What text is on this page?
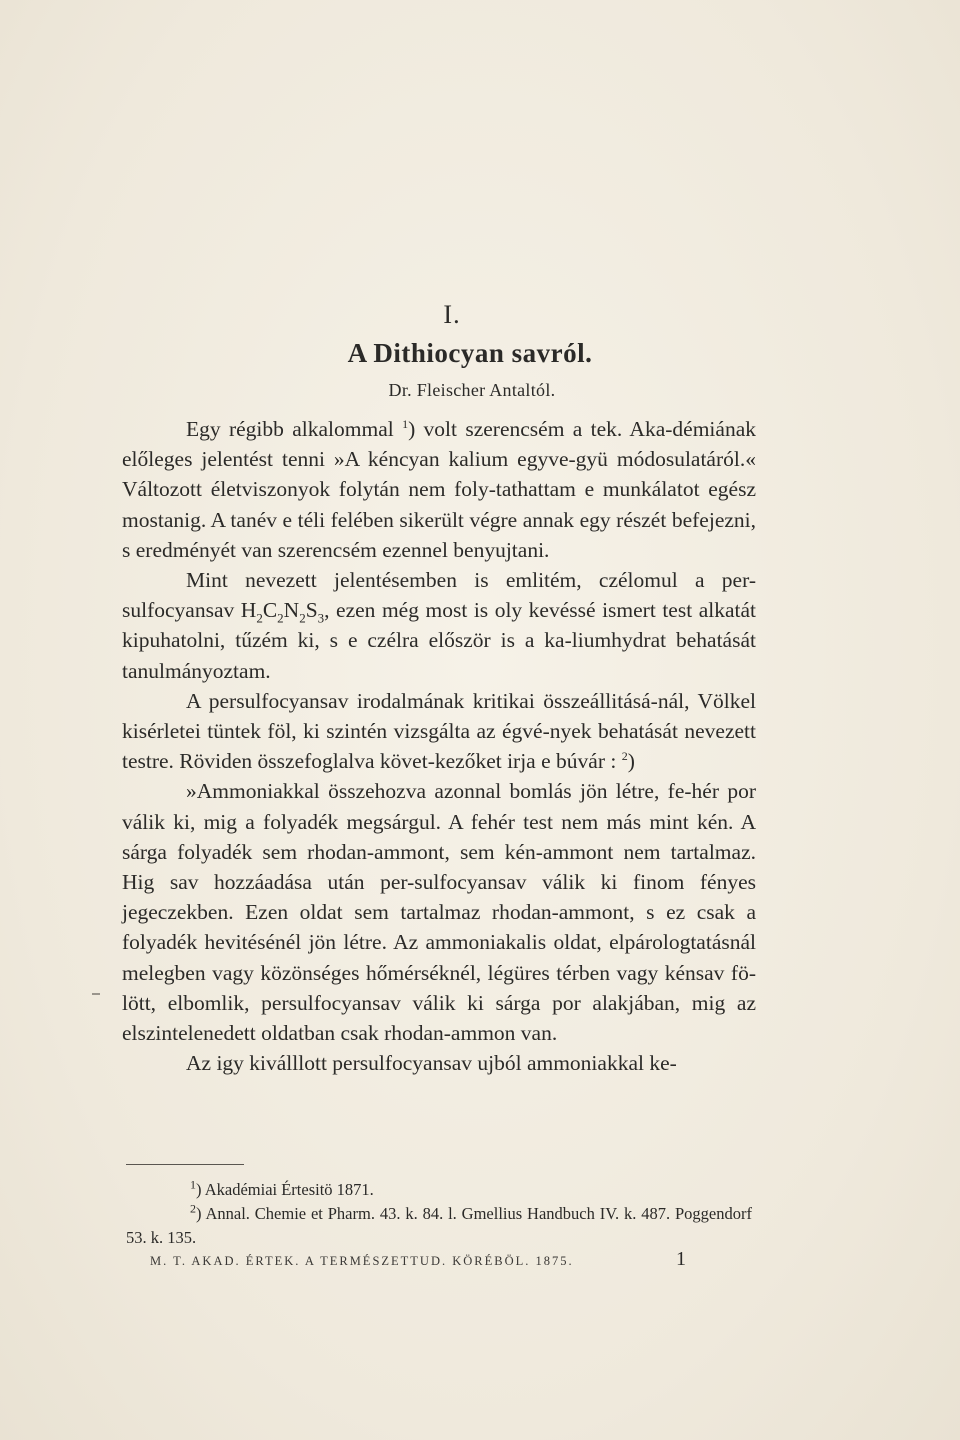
I.
A Dithiocyan savról.
Dr. Fleischer Antaltól.

Egy régibb alkalommal $^1$) volt szerencsém a tek. Aka-démiának előleges jelentést tenni »A kéncyan kalium egyve-gyü módosulatáról.« Változott életviszonyok folytán nem foly-tathattam e munkálatot egész mostanig. A tanév e téli felében sikerült végre annak egy részét befejezni, s eredményét van szerencsém ezennel benyujtani.

Mint nevezett jelentésemben is emlitém, czélomul a per-sulfocyansav $H_2C_2N_2S_3$, ezen még most is oly kevéssé ismert test alkatát kipuhatolni, tűzém ki, s e czélra először is a ka-liumhydrat behatását tanulmányoztam.

A persulfocyansav irodalmának kritikai összeállitásá-nál, Völkel kisérletei tüntek föl, ki szintén vizsgálta az égvé-nyek behatását nevezett testre. Röviden összefoglalva követ-kezőket irja e búvár : $^2$)

»Ammoniakkal összehozva azonnal bomlás jön létre, fe-hér por válik ki, mig a folyadék megsárgul. A fehér test nem más mint kén. A sárga folyadék sem rhodan-ammont, sem kén-ammont nem tartalmaz. Hig sav hozzáadása után per-sulfocyansav válik ki finom fényes jegeczekben. Ezen oldat sem tartalmaz rhodan-ammont, s ez csak a folyadék hevitésénél jön létre. Az ammoniakalis oldat, elpárologtatásnál melegben vagy közönséges hőmérséknél, légüres térben vagy kénsav fö-lött, elbomlik, persulfocyansav válik ki sárga por alakjában, mig az elszintelenedett oldatban csak rhodan-ammon van.

Az igy kiválllott persulfocyansav ujból ammoniakkal ke-

$^1$) Akadémiai Értesitö 1871.

$^2$) Annal. Chemie et Pharm. 43. k. 84. l. Gmellius Handbuch IV. k. 487. Poggendorf 53. k. 135.

M. T. AKAD. ÉRTEK. A TERMÉSZETTUD. KÖRÉBÖL. 1875.	1
